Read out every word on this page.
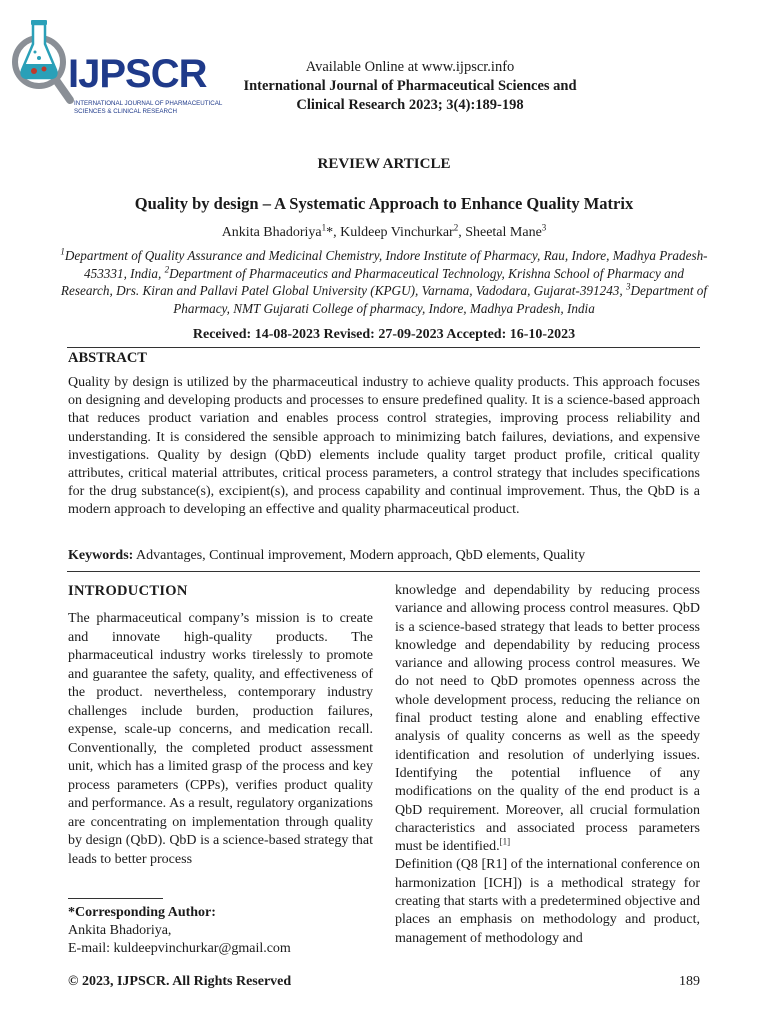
IJPSCR
INTERNATIONAL JOURNAL OF PHARMACEUTICAL SCIENCES & CLINICAL RESEARCH
Available Online at www.ijpscr.info
International Journal of Pharmaceutical Sciences and
Clinical Research 2023; 3(4):189-198
REVIEW ARTICLE
Quality by design – A Systematic Approach to Enhance Quality Matrix
Ankita Bhadoriya$^1$*, Kuldeep Vinchurkar$^2$, Sheetal Mane$^3$
$^1$Department of Quality Assurance and Medicinal Chemistry, Indore Institute of Pharmacy, Rau, Indore, Madhya Pradesh-453331, India, $^2$Department of Pharmaceutics and Pharmaceutical Technology, Krishna School of Pharmacy and Research, Drs. Kiran and Pallavi Patel Global University (KPGU), Varnama, Vadodara, Gujarat-391243, $^3$Department of Pharmacy, NMT Gujarati College of pharmacy, Indore, Madhya Pradesh, India
Received: 14-08-2023 Revised: 27-09-2023 Accepted: 16-10-2023
ABSTRACT
Quality by design is utilized by the pharmaceutical industry to achieve quality products. This approach focuses on designing and developing products and processes to ensure predefined quality. It is a science-based approach that reduces product variation and enables process control strategies, improving process reliability and understanding. It is considered the sensible approach to minimizing batch failures, deviations, and expensive investigations. Quality by design (QbD) elements include quality target product profile, critical quality attributes, critical material attributes, critical process parameters, a control strategy that includes specifications for the drug substance(s), excipient(s), and process capability and continual improvement. Thus, the QbD is a modern approach to developing an effective and quality pharmaceutical product.
Keywords: Advantages, Continual improvement, Modern approach, QbD elements, Quality
INTRODUCTION
The pharmaceutical company’s mission is to create and innovate high-quality products. The pharmaceutical industry works tirelessly to promote and guarantee the safety, quality, and effectiveness of the product. nevertheless, contemporary industry challenges include burden, production failures, expense, scale-up concerns, and medication recall. Conventionally, the completed product assessment unit, which has a limited grasp of the process and key process parameters (CPPs), verifies product quality and performance. As a result, regulatory organizations are concentrating on implementation through quality by design (QbD). QbD is a science-based strategy that leads to better process

knowledge and dependability by reducing process variance and allowing process control measures. QbD is a science-based strategy that leads to better process knowledge and dependability by reducing process variance and allowing process control measures. We do not need to QbD promotes openness across the whole development process, reducing the reliance on final product testing alone and enabling effective analysis of quality concerns as well as the speedy identification and resolution of underlying issues. Identifying the potential influence of any modifications on the quality of the end product is a QbD requirement. Moreover, all crucial formulation characteristics and associated process parameters must be identified.[1]

Definition (Q8 [R1] of the international conference on harmonization [ICH]) is a methodical strategy for creating that starts with a predetermined objective and places an emphasis on methodology and product, management of methodology and

*Corresponding Author:
Ankita Bhadoriya,
E-mail: kuldeepvinchurkar@gmail.com
© 2023, IJPSCR. All Rights Reserved	189
